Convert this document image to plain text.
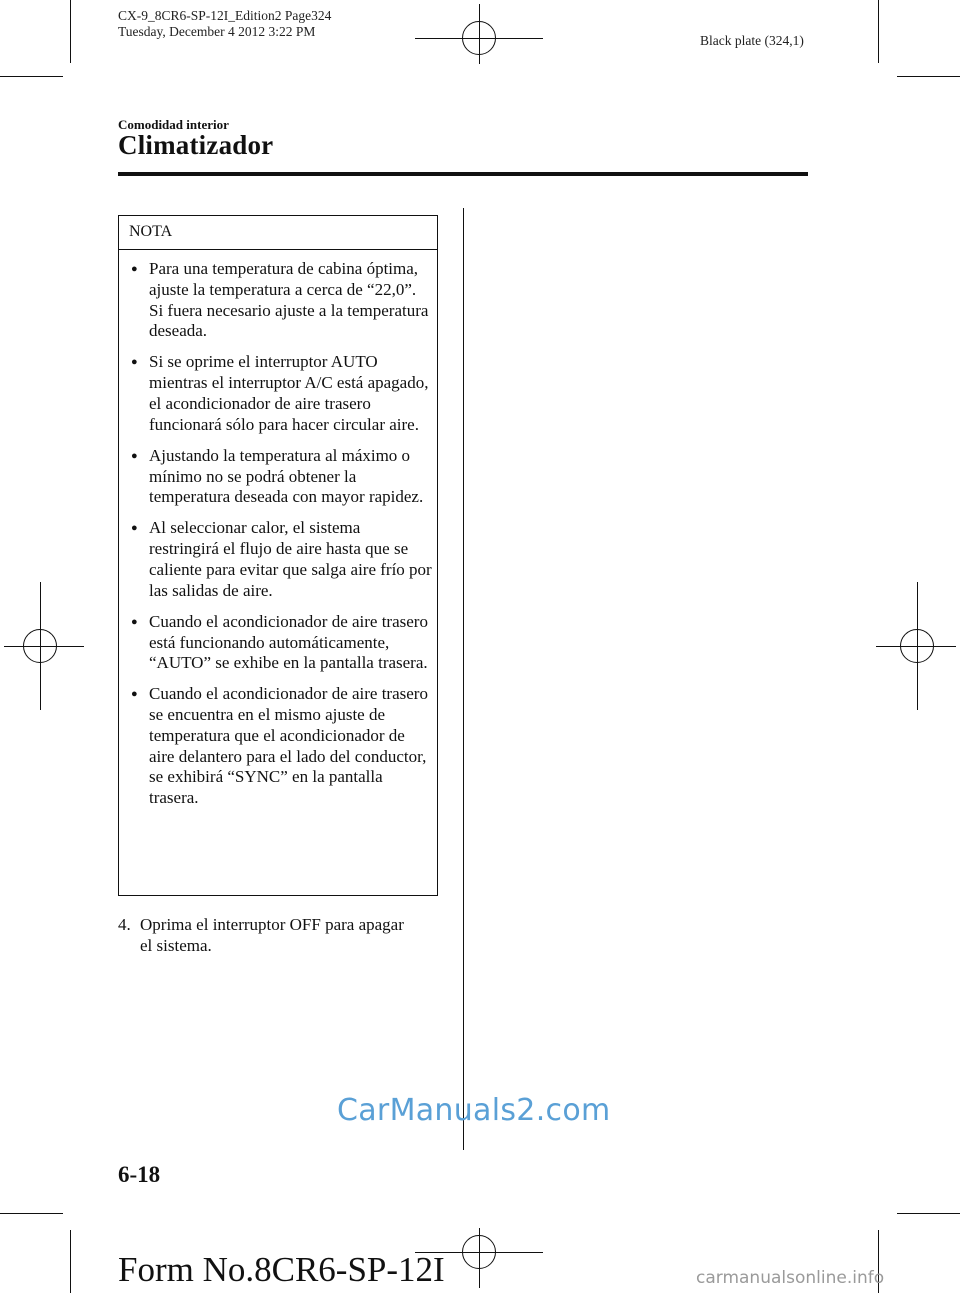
CX-9_8CR6-SP-12I_Edition2 Page324
Tuesday, December 4 2012 3:22 PM
Black plate (324,1)
Comodidad interior
Climatizador
NOTA
● Para una temperatura de cabina óptima, ajuste la temperatura a cerca de “22,0”. Si fuera necesario ajuste a la temperatura deseada.
● Si se oprime el interruptor AUTO mientras el interruptor A/C está apagado, el acondicionador de aire trasero funcionará sólo para hacer circular aire.
● Ajustando la temperatura al máximo o mínimo no se podrá obtener la temperatura deseada con mayor rapidez.
● Al seleccionar calor, el sistema restringirá el flujo de aire hasta que se caliente para evitar que salga aire frío por las salidas de aire.
● Cuando el acondicionador de aire trasero está funcionando automáticamente, “AUTO” se exhibe en la pantalla trasera.
● Cuando el acondicionador de aire trasero se encuentra en el mismo ajuste de temperatura que el acondicionador de aire delantero para el lado del conductor, se exhibirá “SYNC” en la pantalla trasera.
4. Oprima el interruptor OFF para apagar
el sistema.
CarManuals2.com
6-18
Form No.8CR6-SP-12I	carmanualsonline.info
